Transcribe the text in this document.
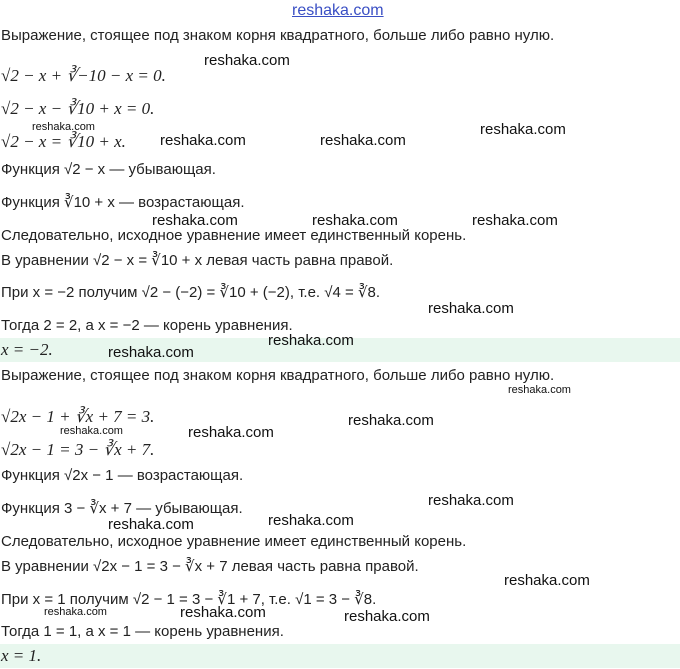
reshaka.com
Выражение, стоящее под знаком корня квадратного, больше либо равно нулю.
√2 − x + ∛−10 − x = 0.
√2 − x − ∛10 + x = 0.
√2 − x = ∛10 + x.
Функция √2 − x — убывающая.
Функция ∛10 + x — возрастающая.
Следовательно, исходное уравнение имеет единственный корень.
В уравнении √2 − x = ∛10 + x левая часть равна правой.
При x = −2 получим √2 − (−2) = ∛10 + (−2), т.е. √4 = ∛8.
Тогда 2 = 2, а x = −2 — корень уравнения.
x = −2.
Выражение, стоящее под знаком корня квадратного, больше либо равно нулю.
√2x − 1 + ∛x + 7 = 3.
√2x − 1 = 3 − ∛x + 7.
Функция √2x − 1 — возрастающая.
Функция 3 − ∛x + 7 — убывающая.
Следовательно, исходное уравнение имеет единственный корень.
В уравнении √2x − 1 = 3 − ∛x + 7 левая часть равна правой.
При x = 1 получим √2 − 1 = 3 − ∛1 + 7, т.е. √1 = 3 − ∛8.
Тогда 1 = 1, а x = 1 — корень уравнения.
x = 1.
reshaka.com
reshaka.com
reshaka.com	reshaka.com
reshaka.com
reshaka.com	reshaka.com	reshaka.com
reshaka.com
reshaka.com
reshaka.com
reshaka.com
reshaka.com
reshaka.com	reshaka.com
reshaka.com
reshaka.com
reshaka.com
reshaka.com
reshaka.com	reshaka.com	reshaka.com
